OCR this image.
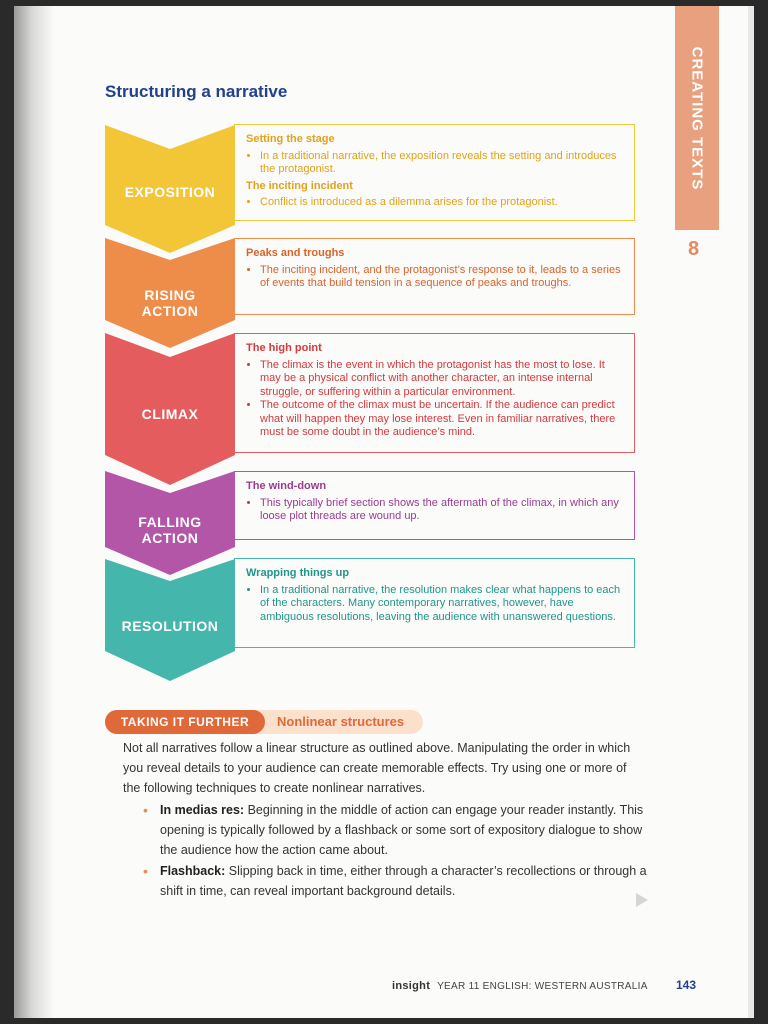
Structuring a narrative	CREATING TEXTS
8
EXPOSITION
RISING ACTION
CLIMAX
FALLING ACTION
RESOLUTION
Setting the stage
• In a traditional narrative, the exposition reveals the setting and introduces the protagonist.
The inciting incident
• Conflict is introduced as a dilemma arises for the protagonist.
Peaks and troughs
• The inciting incident, and the protagonist’s response to it, leads to a series of events that build tension in a sequence of peaks and troughs.
The high point
• The climax is the event in which the protagonist has the most to lose. It may be a physical conflict with another character, an intense internal struggle, or suffering within a particular environment.
• The outcome of the climax must be uncertain. If the audience can predict what will happen they may lose interest. Even in familiar narratives, there must be some doubt in the audience’s mind.
The wind-down
• This typically brief section shows the aftermath of the climax, in which any loose plot threads are wound up.
Wrapping things up
• In a traditional narrative, the resolution makes clear what happens to each of the characters. Many contemporary narratives, however, have ambiguous resolutions, leaving the audience with unanswered questions.
TAKING IT FURTHER	Nonlinear structures
Not all narratives follow a linear structure as outlined above. Manipulating the order in which you reveal details to your audience can create memorable effects. Try using one or more of the following techniques to create nonlinear narratives.
• In medias res: Beginning in the middle of action can engage your reader instantly. This opening is typically followed by a flashback or some sort of expository dialogue to show the audience how the action came about.
• Flashback: Slipping back in time, either through a character’s recollections or through a shift in time, can reveal important background details.
insight YEAR 11 ENGLISH: WESTERN AUSTRALIA 143
